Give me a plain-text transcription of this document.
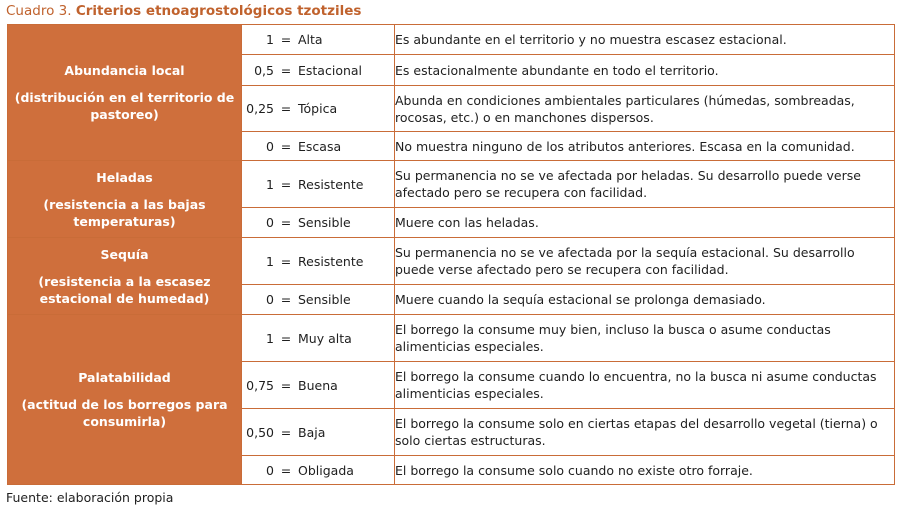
Cuadro 3. Criterios etnoagrostológicos tzotziles
Abundancia local
(distribución en el territorio de pastoreo)	1 = Alta	Es abundante en el territorio y no muestra escasez estacional.

	0,5 = Estacional	Es estacionalmente abundante en todo el territorio.

	0,25 = Tópica	Abunda en condiciones ambientales particulares (húmedas, sombreadas, rocosas, etc.) o en manchones dispersos.

	0 = Escasa	No muestra ninguno de los atributos anteriores. Escasa en la comunidad.
Heladas
(resistencia a las bajas temperaturas)	1 = Resistente	Su permanencia no se ve afectada por heladas. Su desarrollo puede verse afectado pero se recupera con facilidad.

	0 = Sensible	Muere con las heladas.
Sequía
(resistencia a la escasez estacional de humedad)	1 = Resistente	Su permanencia no se ve afectada por la sequía estacional. Su desarrollo puede verse afectado pero se recupera con facilidad.

	0 = Sensible	Muere cuando la sequía estacional se prolonga demasiado.
Palatabilidad
(actitud de los borregos para consumirla)	1 = Muy alta	El borrego la consume muy bien, incluso la busca o asume conductas alimenticias especiales.

	0,75 = Buena	El borrego la consume cuando lo encuentra, no la busca ni asume conductas alimenticias especiales.

	0,50 = Baja	El borrego la consume solo en ciertas etapas del desarrollo vegetal (tierna) o solo ciertas estructuras.

	0 = Obligada	El borrego la consume solo cuando no existe otro forraje.
Fuente: elaboración propia
